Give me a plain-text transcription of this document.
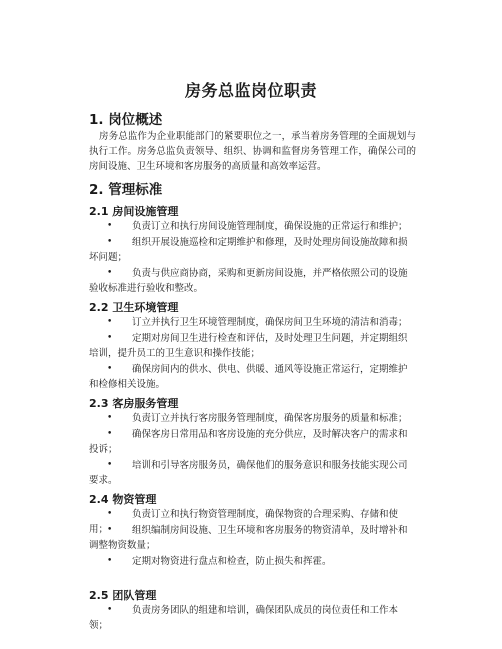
房务总监岗位职责
1. 岗位概述
房务总监作为企业职能部门的紧要职位之一，承当着房务管理的全面规划与执行工作。房务总监负责领导、组织、协调和监督房务管理工作，确保公司的房间设施、卫生环境和客房服务的高质量和高效率运营。
2. 管理标准
2.1 房间设施管理
•	负责订立和执行房间设施管理制度，确保设施的正常运行和维护；
•	组织开展设施巡检和定期维护和修理，及时处理房间设施故障和损坏问题；
•	负责与供应商协商，采购和更新房间设施，并严格依照公司的设施验收标准进行验收和整改。
2.2 卫生环境管理
•	订立并执行卫生环境管理制度，确保房间卫生环境的清洁和消毒；
•	定期对房间卫生进行检查和评估，及时处理卫生问题，并定期组织培训，提升员工的卫生意识和操作技能；
•	确保房间内的供水、供电、供暖、通风等设施正常运行，定期维护和检修相关设施。
2.3 客房服务管理
•	负责订立并执行客房服务管理制度，确保客房服务的质量和标准；
•	确保客房日常用品和客房设施的充分供应，及时解决客户的需求和投诉；
•	培训和引导客房服务员，确保他们的服务意识和服务技能实现公司要求。
2.4 物资管理
•	负责订立和执行物资管理制度，确保物资的合理采购、存储和使用；
•	组织编制房间设施、卫生环境和客房服务的物资清单，及时增补和调整物资数量；
•	定期对物资进行盘点和检查，防止损失和挥霍。
2.5 团队管理
•	负责房务团队的组建和培训，确保团队成员的岗位责任和工作本领；
